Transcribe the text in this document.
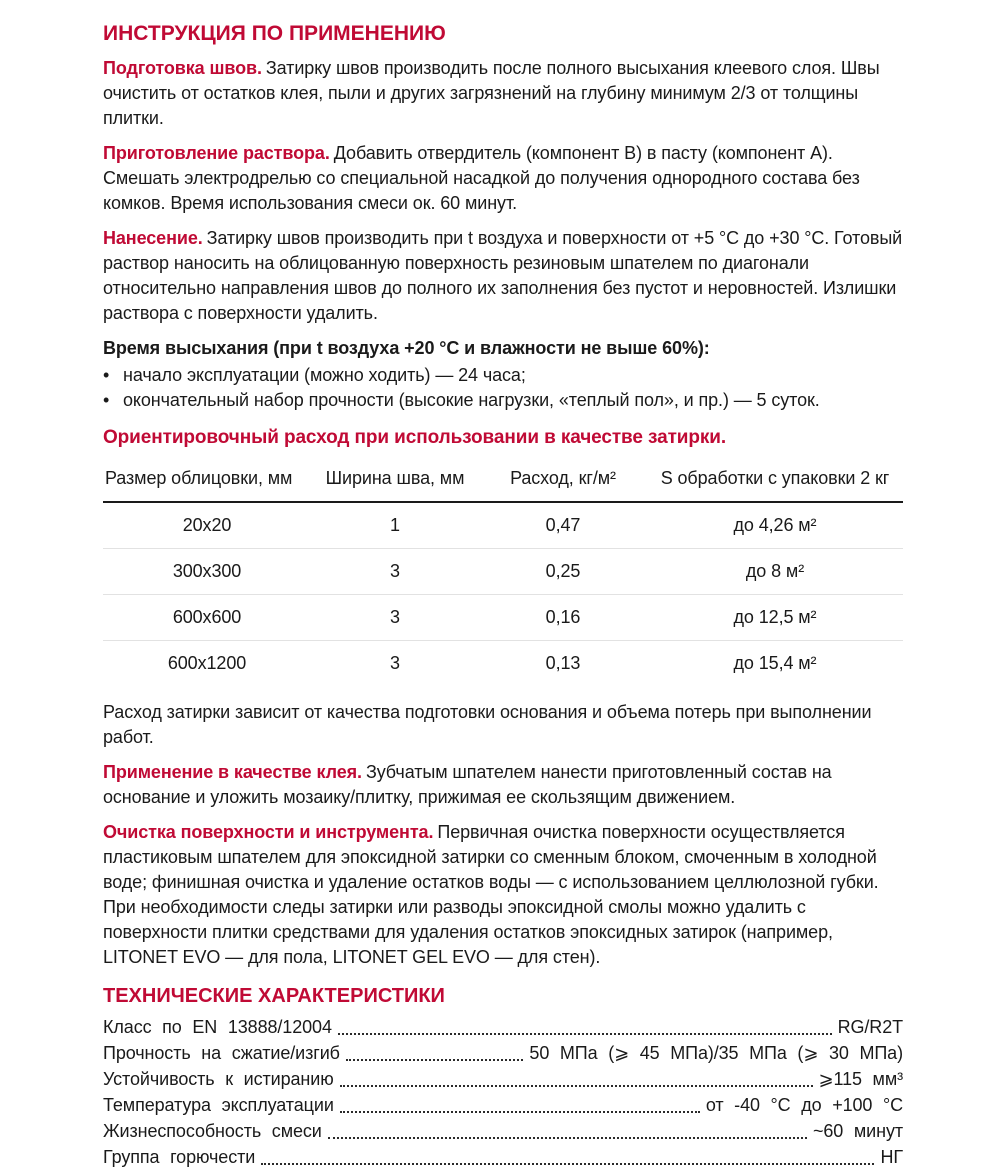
ИНСТРУКЦИЯ ПО ПРИМЕНЕНИЮ

Подготовка швов. Затирку швов производить после полного высыхания клеевого слоя. Швы очистить от остатков клея, пыли и других загрязнений на глубину минимум 2/3 от толщины плитки.

Приготовление раствора. Добавить отвердитель (компонент B) в пасту (компонент A). Смешать электродрелью со специальной насадкой до получения однородного состава без комков. Время использования смеси ок. 60 минут.

Нанесение. Затирку швов производить при t воздуха и поверхности от +5 °C до +30 °C. Готовый раствор наносить на облицованную поверхность резиновым шпателем по диагонали относительно направления швов до полного их заполнения без пустот и неровностей. Излишки раствора с поверхности удалить.

Время высыхания (при t воздуха +20 °C и влажности не выше 60%):

• начало эксплуатации (можно ходить) — 24 часа;
• окончательный набор прочности (высокие нагрузки, «теплый пол», и пр.) — 5 суток.
Ориентировочный расход при использовании в качестве затирки.
Размер облицовки, мм	Ширина шва, мм	Расход, кг/м²	S обработки с упаковки 2 кг
20x20	1	0,47	до 4,26 м²
300x300	3	0,25	до 8 м²
600x600	3	0,16	до 12,5 м²
600x1200	3	0,13	до 15,4 м²

Расход затирки зависит от качества подготовки основания и объема потерь при выполнении работ.

Применение в качестве клея. Зубчатым шпателем нанести приготовленный состав на основание и уложить мозаику/плитку, прижимая ее скользящим движением.

Очистка поверхности и инструмента. Первичная очистка поверхности осуществляется пластиковым шпателем для эпоксидной затирки со сменным блоком, смоченным в холодной воде; финишная очистка и удаление остатков воды — с использованием целлюлозной губки. При необходимости следы затирки или разводы эпоксидной смолы можно удалить с поверхности плитки средствами для удаления остатков эпоксидных затирок (например, LITONET EVO — для пола, LITONET GEL EVO — для стен).

ТЕХНИЧЕСКИЕ ХАРАКТЕРИСТИКИ
Класс по EN 13888/12004	RG/R2T
Прочность на сжатие/изгиб	50 МПа (⩾ 45 МПа)/35 МПа (⩾ 30 МПа)
Устойчивость к истиранию	⩾115 мм³
Температура эксплуатации	от -40 °C до +100 °C
Жизнеспособность смеси	~60 минут
Группа горючести	НГ
